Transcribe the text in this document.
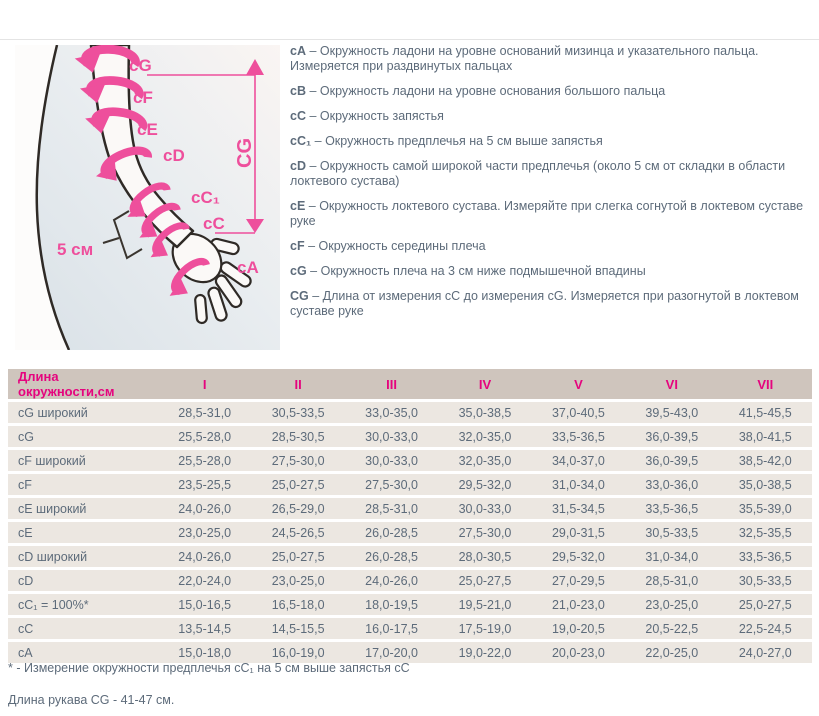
cG
cF
cE
cD
cC₁
cC
cA
5 см
CG

cA – Окружность ладони на уровне оснований мизинца и указательного пальца. Измеряется при раздвинутых пальцах

cB – Окружность ладони на уровне основания большого пальца

cC – Окружность запястья

cC₁ – Окружность предплечья на 5 см выше запястья

cD – Окружность самой широкой части предплечья (около 5 см от складки в области локтевого сустава)

cE – Окружность локтевого сустава. Измеряйте при слегка согнутой в локтевом суставе руке

cF – Окружность середины плеча

cG – Окружность плеча на 3 см ниже подмышечной впадины

CG – Длина от измерения cC до измерения cG. Измеряется при разогнутой в локтевом суставе руке

Длина окружности,см	I	II	III	IV	V	VI	VII
cG широкий	28,5-31,0	30,5-33,5	33,0-35,0	35,0-38,5	37,0-40,5	39,5-43,0	41,5-45,5
cG	25,5-28,0	28,5-30,5	30,0-33,0	32,0-35,0	33,5-36,5	36,0-39,5	38,0-41,5
cF широкий	25,5-28,0	27,5-30,0	30,0-33,0	32,0-35,0	34,0-37,0	36,0-39,5	38,5-42,0
cF	23,5-25,5	25,0-27,5	27,5-30,0	29,5-32,0	31,0-34,0	33,0-36,0	35,0-38,5
cE широкий	24,0-26,0	26,5-29,0	28,5-31,0	30,0-33,0	31,5-34,5	33,5-36,5	35,5-39,0
cE	23,0-25,0	24,5-26,5	26,0-28,5	27,5-30,0	29,0-31,5	30,5-33,5	32,5-35,5
cD широкий	24,0-26,0	25,0-27,5	26,0-28,5	28,0-30,5	29,5-32,0	31,0-34,0	33,5-36,5
cD	22,0-24,0	23,0-25,0	24,0-26,0	25,0-27,5	27,0-29,5	28,5-31,0	30,5-33,5
cC₁ = 100%*	15,0-16,5	16,5-18,0	18,0-19,5	19,5-21,0	21,0-23,0	23,0-25,0	25,0-27,5
cC	13,5-14,5	14,5-15,5	16,0-17,5	17,5-19,0	19,0-20,5	20,5-22,5	22,5-24,5
cA	15,0-18,0	16,0-19,0	17,0-20,0	19,0-22,0	20,0-23,0	22,0-25,0	24,0-27,0
* - Измерение окружности предплечья cC₁ на 5 см выше запястья cC
Длина рукава CG - 41-47 см.
